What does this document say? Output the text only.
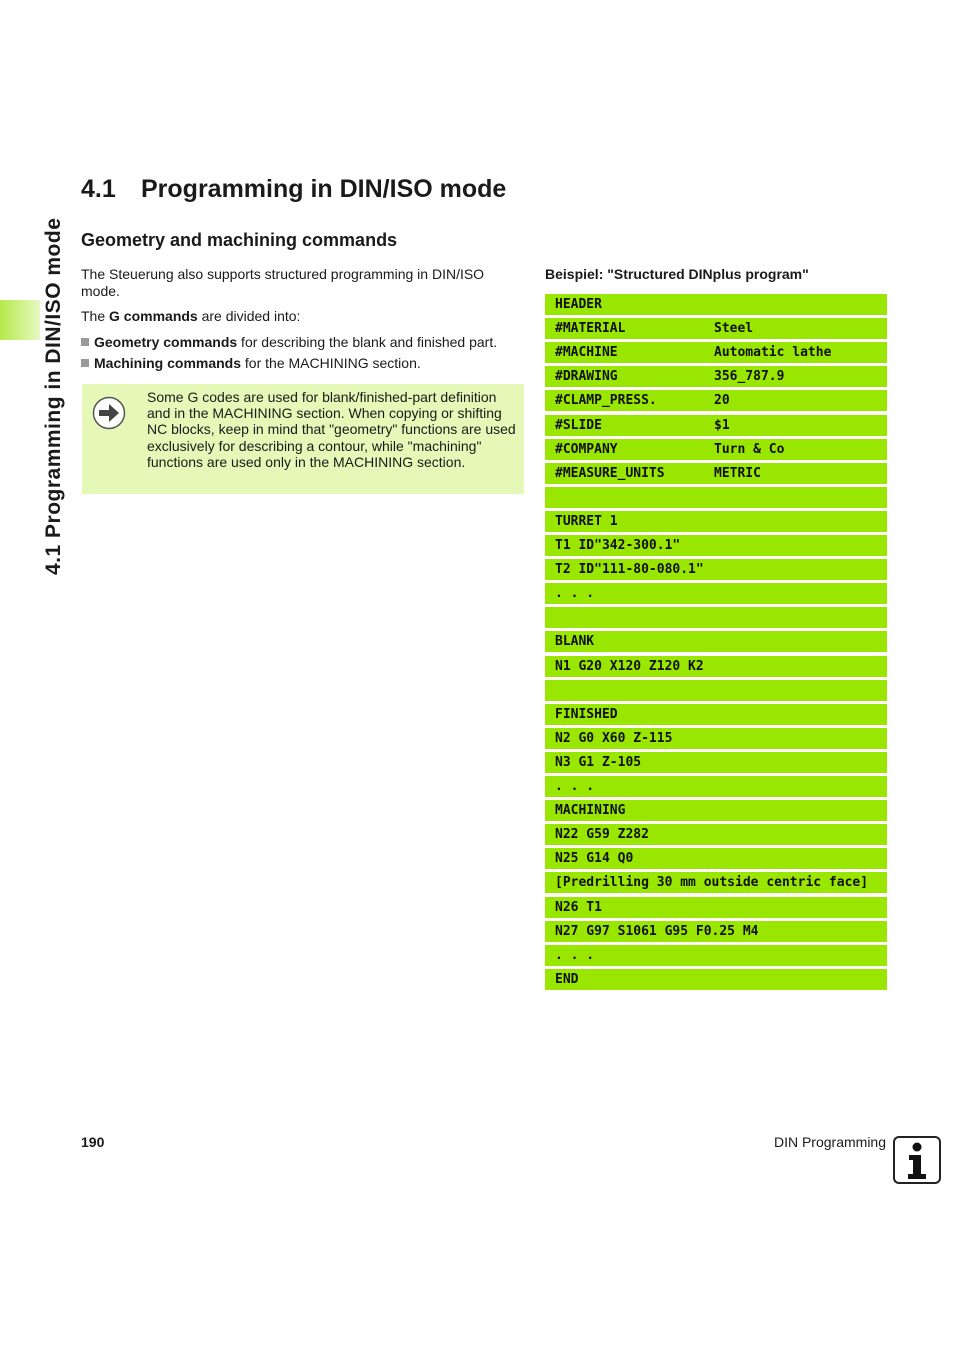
4.1 Programming in DIN/ISO mode
4.1 Programming in DIN/ISO mode
Geometry and machining commands

The Steuerung also supports structured programming in DIN/ISO mode.

The G commands are divided into:

Geometry commands for describing the blank and finished part.

Machining commands for the MACHINING section.

Some G codes are used for blank/finished-part definition and in the MACHINING section. When copying or shifting NC blocks, keep in mind that "geometry" functions are used exclusively for describing a contour, while "machining" functions are used only in the MACHINING section.

Beispiel: "Structured DINplus program"

HEADER
#MATERIAL	Steel
#MACHINE	Automatic lathe
#DRAWING	356_787.9
#CLAMP_PRESS.	20
#SLIDE	$1
#COMPANY	Turn & Co
#MEASURE_UNITS	METRIC
TURRET 1
T1 ID"342-300.1"
T2 ID"111-80-080.1"
. . .
BLANK
N1 G20 X120 Z120 K2
FINISHED
N2 G0 X60 Z-115
N3 G1 Z-105
. . .
MACHINING
N22 G59 Z282
N25 G14 Q0
[Predrilling 30 mm outside centric face]
N26 T1
N27 G97 S1061 G95 F0.25 M4
. . .
END
190	DIN Programming
